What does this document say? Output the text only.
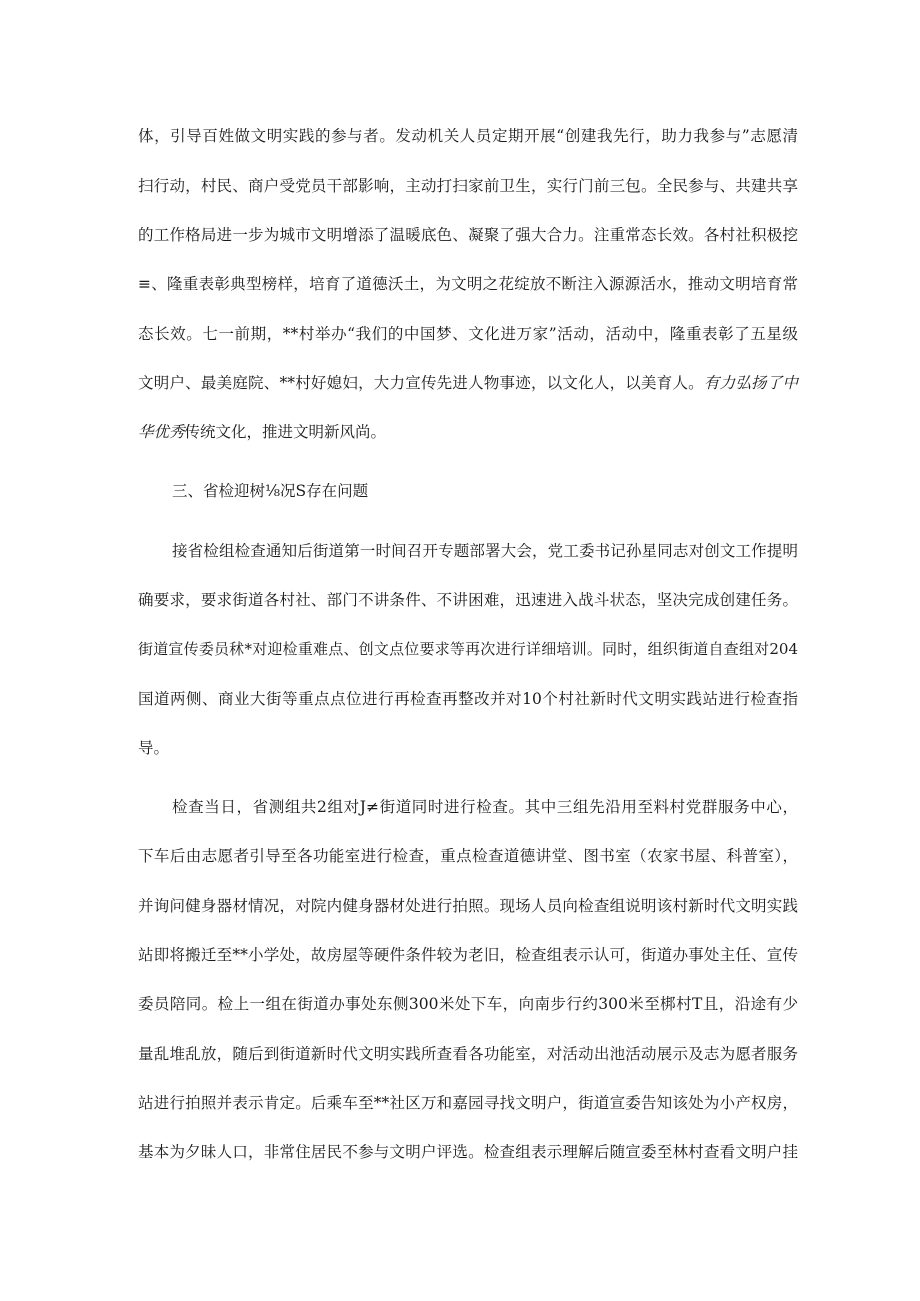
体，引导百姓做文明实践的参与者。发动机关人员定期开展“创建我先行，助力我参与”志愿清
扫行动，村民、商户受党员干部影响，主动打扫家前卫生，实行门前三包。全民参与、共建共享
的工作格局进一步为城市文明增添了温暖底色、凝聚了强大合力。注重常态长效。各村社积极挖
≡、隆重表彰典型榜样，培育了道德沃土，为文明之花绽放不断注入源源活水，推动文明培育常
态长效。七一前期，**村举办“我们的中国梦、文化进万家”活动，活动中，隆重表彰了五星级
文明户、最美庭院、**村好媳妇，大力宣传先进人物事迹，以文化人，以美育人。有力弘扬了中
华优秀传统文化，推进文明新风尚。
三、省检迎树⅛况S存在问题
接省检组检查通知后街道第一时间召开专题部署大会，党工委书记孙星同志对创文工作提明
确要求，要求街道各村社、部门不讲条件、不讲困难，迅速进入战斗状态，坚决完成创建任务。
街道宣传委员秫*对迎检重难点、创文点位要求等再次进行详细培训。同时，组织街道自查组对204
国道两侧、商业大街等重点点位进行再检查再整改并对10个村社新时代文明实践站进行检查指
导。
检查当日，省测组共2组对J≠街道同时进行检查。其中三组先沿用至料村党群服务中心，
下车后由志愿者引导至各功能室进行检查，重点检查道德讲堂、图书室（农家书屋、科普室），
并询问健身器材情况，对院内健身器材处进行拍照。现场人员向检查组说明该村新时代文明实践
站即将搬迁至**小学处，故房屋等硬件条件较为老旧，检查组表示认可，街道办事处主任、宣传
委员陪同。检上一组在街道办事处东侧300米处下车，向南步行约300米至梆村T且，沿途有少
量乱堆乱放，随后到街道新时代文明实践所查看各功能室，对活动出池活动展示及志为愿者服务
站进行拍照并表示肯定。后乘车至**社区万和嘉园寻找文明户，街道宣委告知该处为小产权房，
基本为夕昧人口，非常住居民不参与文明户评选。检查组表示理解后随宣委至林村查看文明户挂
